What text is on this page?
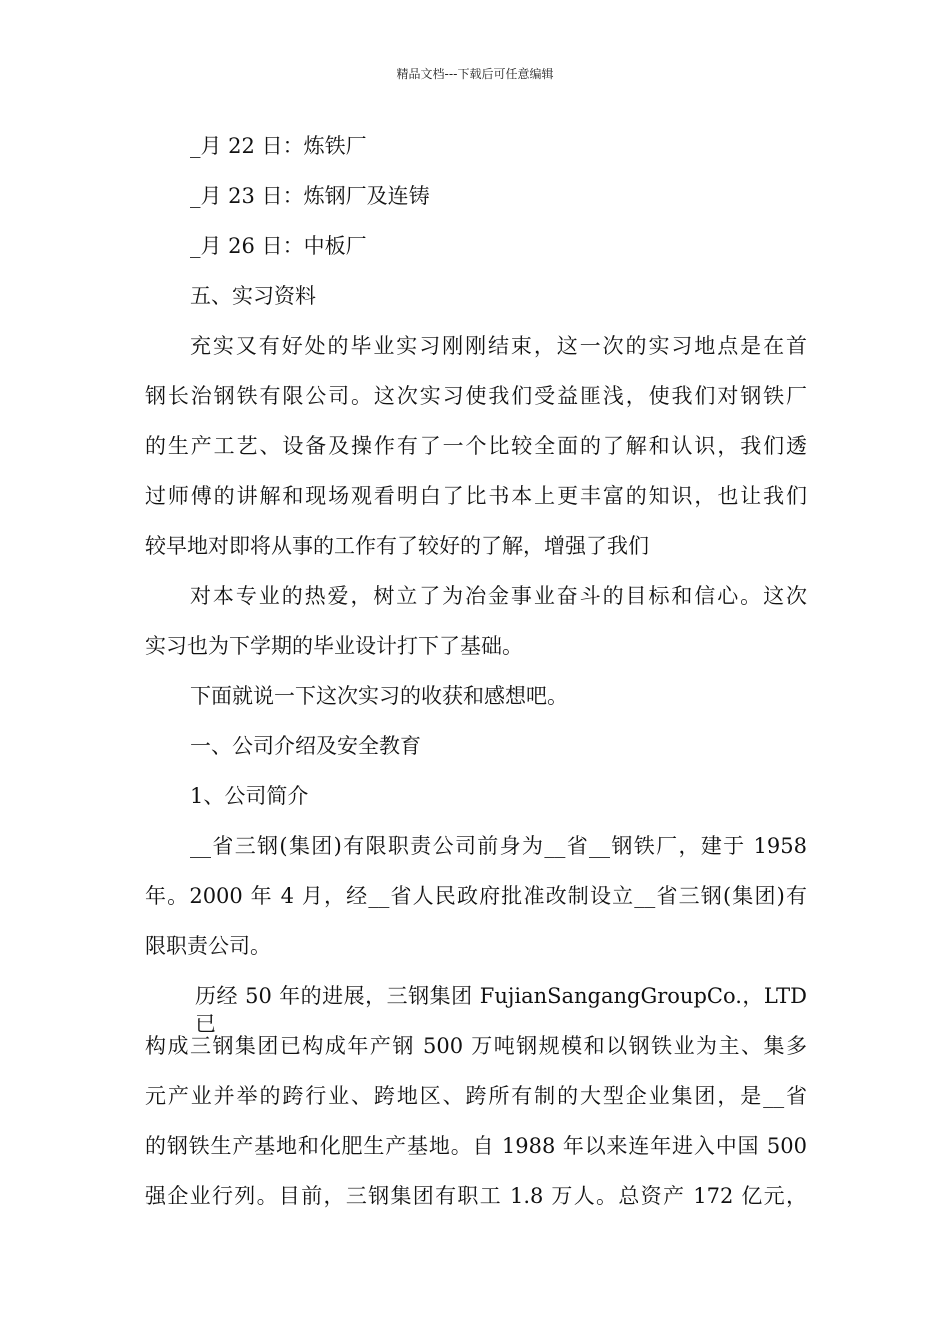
精品文档---下载后可任意编辑
_月 22 日：炼铁厂
_月 23 日：炼钢厂及连铸
_月 26 日：中板厂
五、实习资料
充实又有好处的毕业实习刚刚结束，这一次的实习地点是在首
钢长治钢铁有限公司。这次实习使我们受益匪浅，使我们对钢铁厂
的生产工艺、设备及操作有了一个比较全面的了解和认识，我们透
过师傅的讲解和现场观看明白了比书本上更丰富的知识，也让我们
较早地对即将从事的工作有了较好的了解，增强了我们
对本专业的热爱，树立了为冶金事业奋斗的目标和信心。这次
实习也为下学期的毕业设计打下了基础。
下面就说一下这次实习的收获和感想吧。
一、公司介绍及安全教育
1、公司简介
__省三钢(集团)有限职责公司前身为__省__钢铁厂，建于 1958
年。2000 年 4 月，经__省人民政府批准改制设立__省三钢(集团)有
限职责公司。
历经 50 年的进展，三钢集团 FujianSangangGroupCo.，LTD 已
构成三钢集团已构成年产钢 500 万吨钢规模和以钢铁业为主、集多
元产业并举的跨行业、跨地区、跨所有制的大型企业集团，是__省
的钢铁生产基地和化肥生产基地。自 1988 年以来连年进入中国 500
强企业行列。目前，三钢集团有职工 1.8 万人。总资产 172 亿元，
